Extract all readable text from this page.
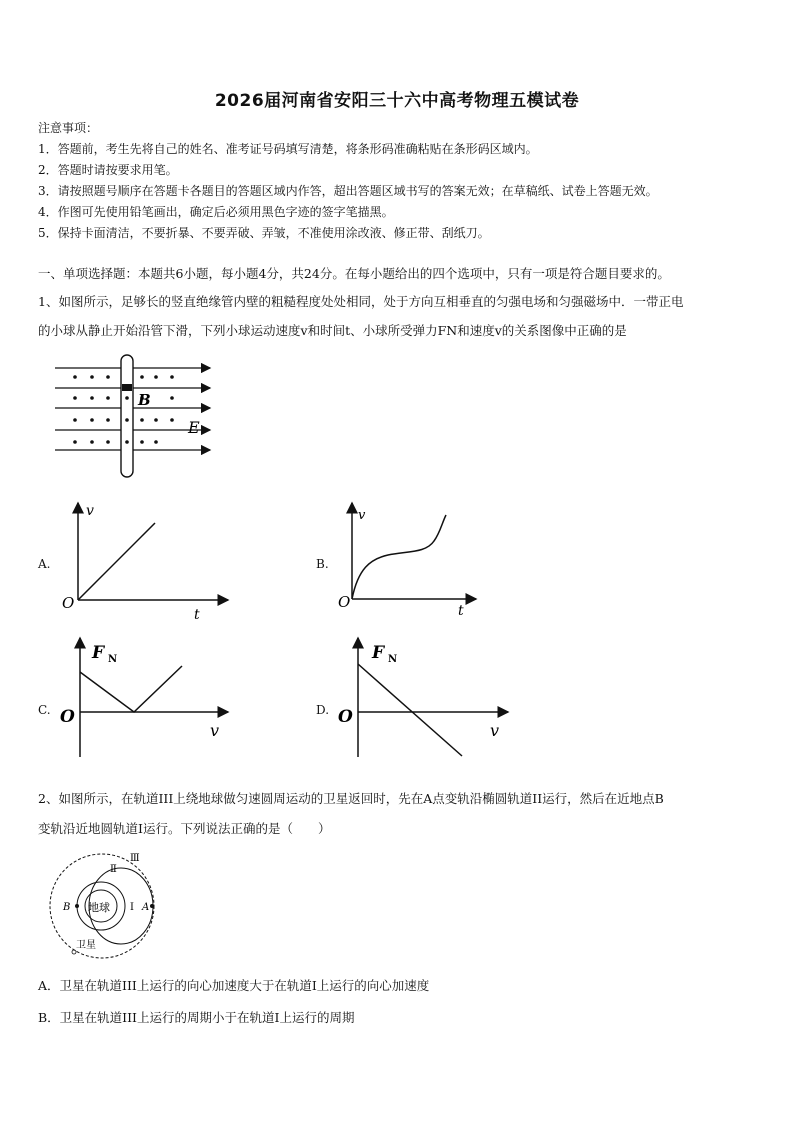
2026届河南省安阳三十六中高考物理五模试卷
注意事项：
1．答题前，考生先将自己的姓名、准考证号码填写清楚，将条形码准确粘贴在条形码区域内。
2．答题时请按要求用笔。
3．请按照题号顺序在答题卡各题目的答题区域内作答，超出答题区域书写的答案无效；在草稿纸、试卷上答题无效。
4．作图可先使用铅笔画出，确定后必须用黑色字迹的签字笔描黑。
5．保持卡面清洁，不要折暴、不要弄破、弄皱，不准使用涂改液、修正带、刮纸刀。
一、单项选择题：本题共6小题，每小题4分，共24分。在每小题给出的四个选项中，只有一项是符合题目要求的。
1、如图所示，足够长的竖直绝缘管内壁的粗糙程度处处相同，处于方向互相垂直的匀强电场和匀强磁场中．一带正电
的小球从静止开始沿管下滑，下列小球运动速度v和时间t、小球所受弹力FN和速度v的关系图像中正确的是
B
E
A.
v
O
t
B.
v
O	t
C.
F N
O
v
D.
F N
O
v
2、如图所示，在轨道III上绕地球做匀速圆周运动的卫星返回时，先在A点变轨沿椭圆轨道II运行，然后在近地点B
变轨沿近地圆轨道I运行。下列说法正确的是（　　）
地球
B	A
I
Ⅱ
Ⅲ
卫星
A．卫星在轨道III上运行的向心加速度大于在轨道I上运行的向心加速度
B．卫星在轨道III上运行的周期小于在轨道I上运行的周期
